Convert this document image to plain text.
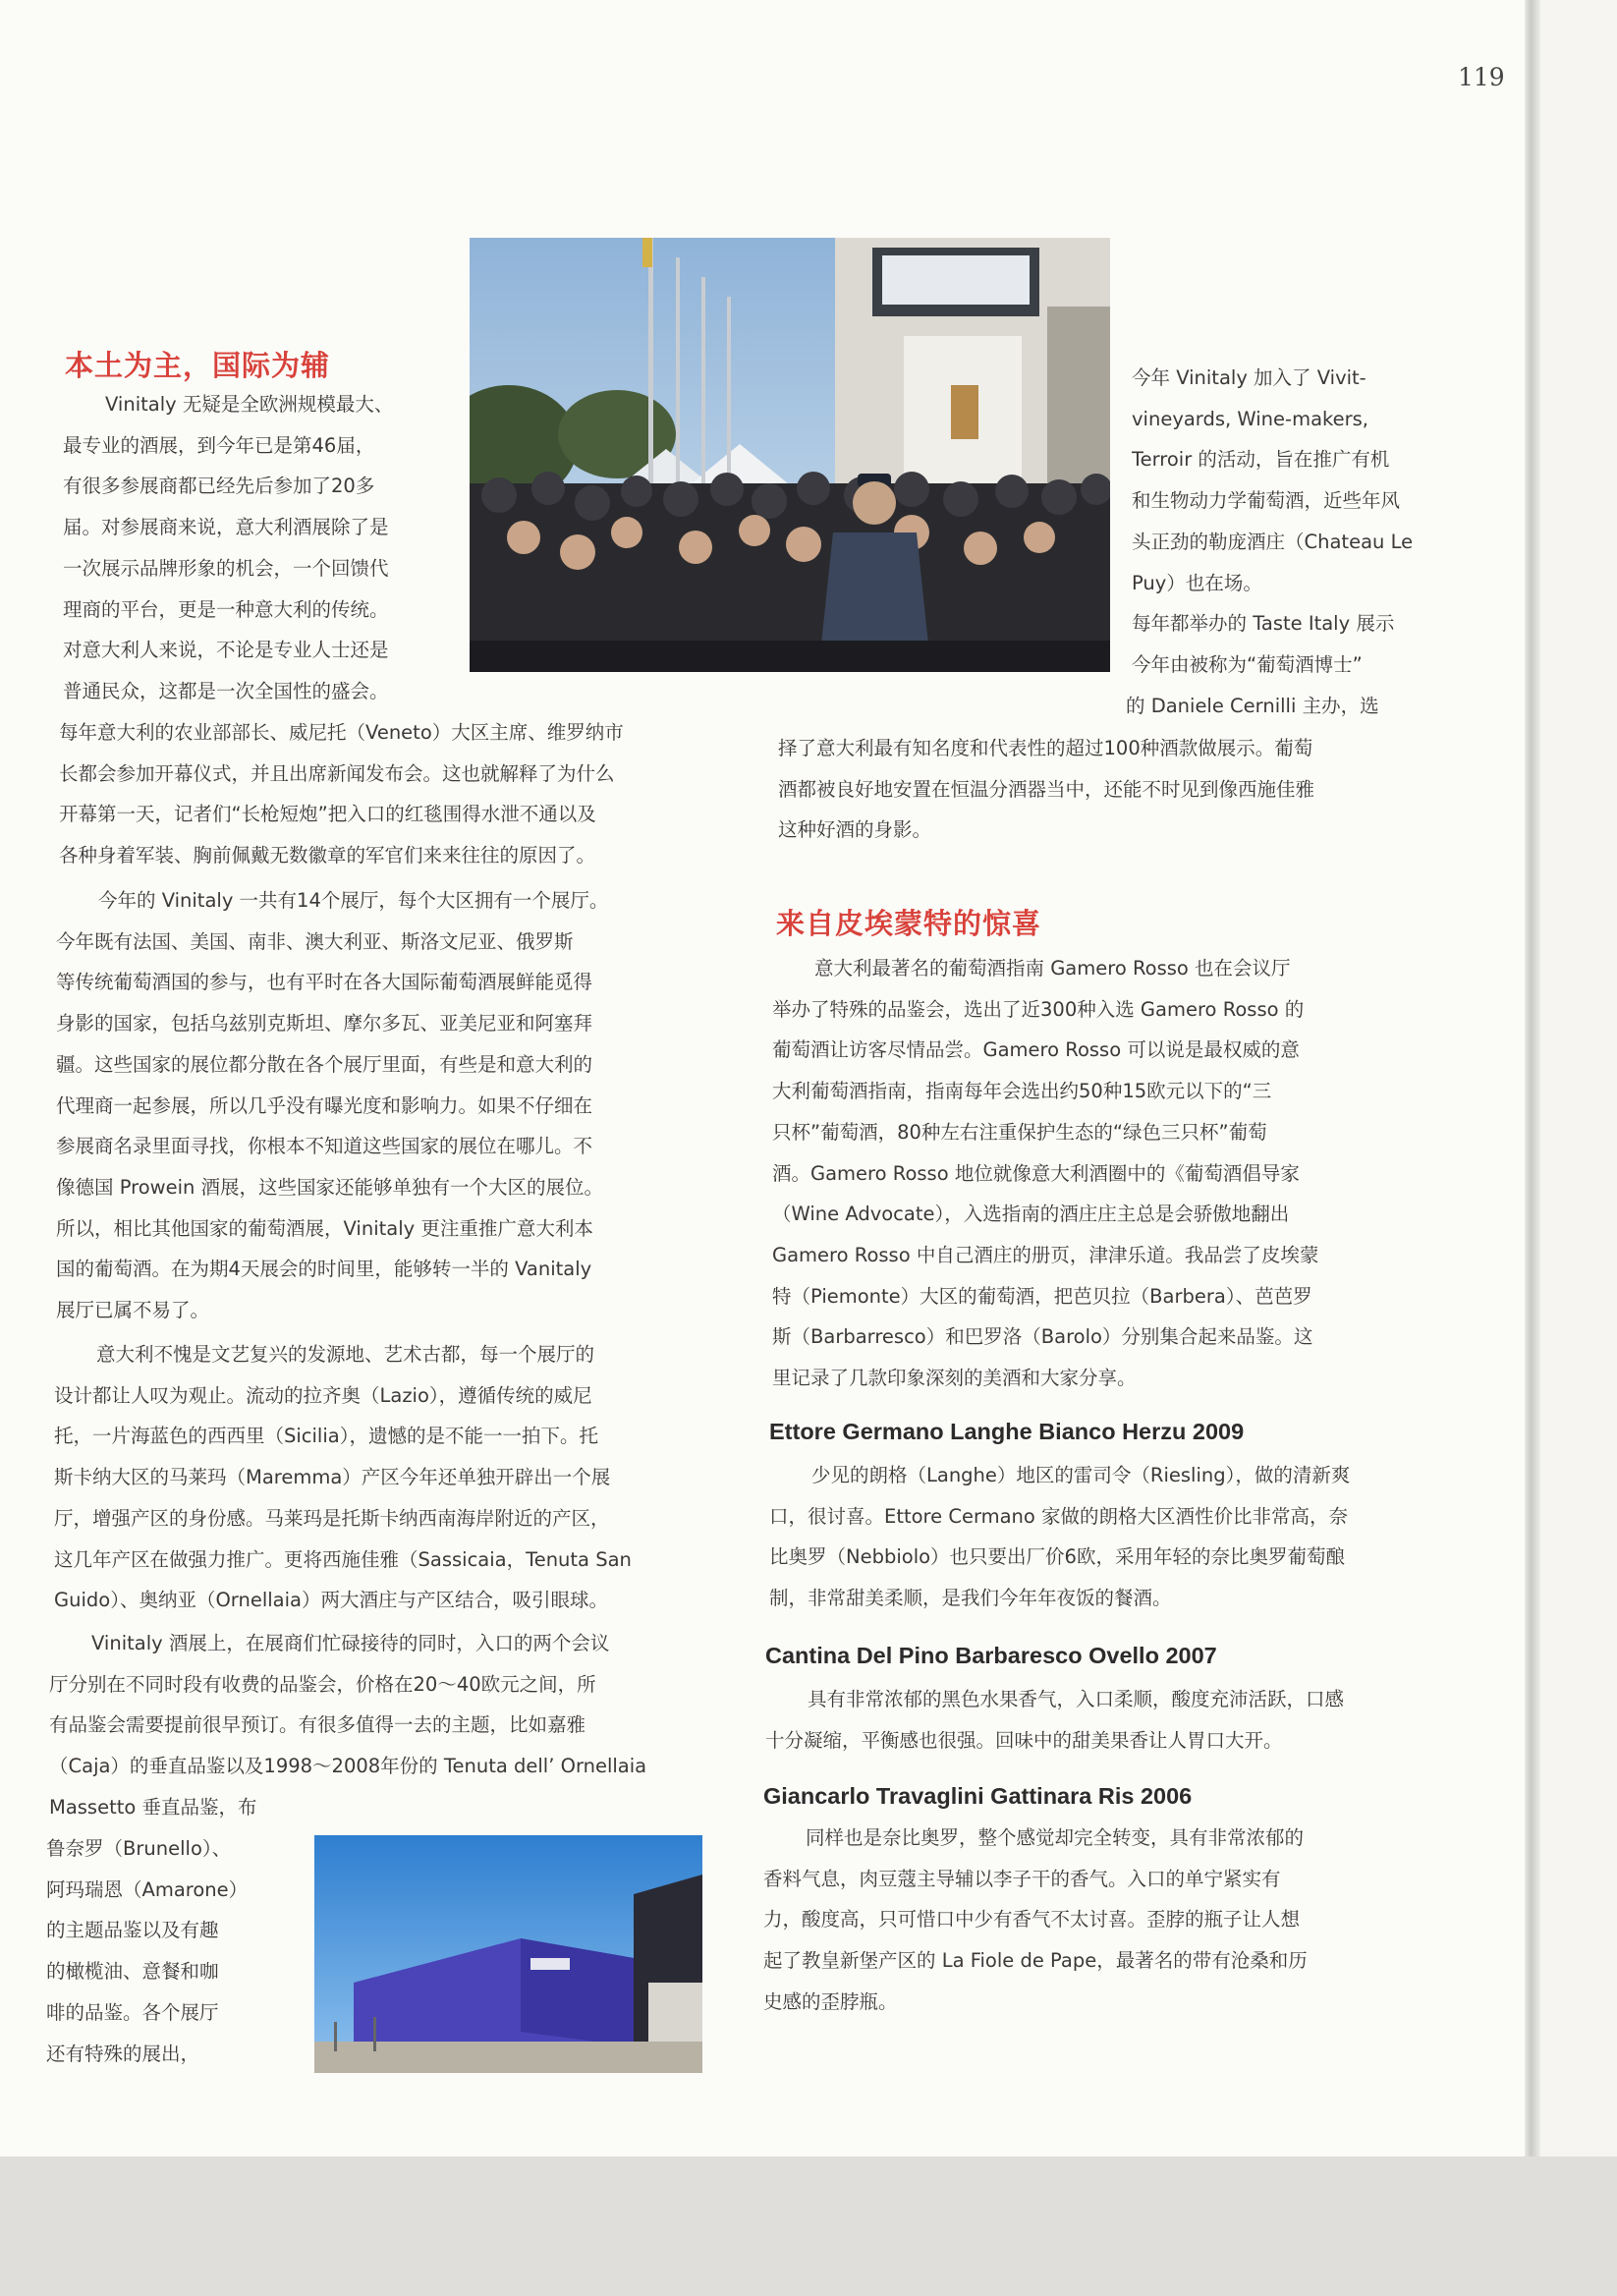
119
本土为主，国际为辅
Vinitaly 无疑是全欧洲规模最大、
最专业的酒展，到今年已是第46届，
有很多参展商都已经先后参加了20多
届。对参展商来说，意大利酒展除了是
一次展示品牌形象的机会，一个回馈代
理商的平台，更是一种意大利的传统。
对意大利人来说，不论是专业人士还是
普通民众，这都是一次全国性的盛会。
每年意大利的农业部部长、威尼托（Veneto）大区主席、维罗纳市
长都会参加开幕仪式，并且出席新闻发布会。这也就解释了为什么
开幕第一天，记者们“长枪短炮”把入口的红毯围得水泄不通以及
各种身着军装、胸前佩戴无数徽章的军官们来来往往的原因了。
今年的 Vinitaly 一共有14个展厅，每个大区拥有一个展厅。
今年既有法国、美国、南非、澳大利亚、斯洛文尼亚、俄罗斯
等传统葡萄酒国的参与，也有平时在各大国际葡萄酒展鲜能觅得
身影的国家，包括乌兹别克斯坦、摩尔多瓦、亚美尼亚和阿塞拜
疆。这些国家的展位都分散在各个展厅里面，有些是和意大利的
代理商一起参展，所以几乎没有曝光度和影响力。如果不仔细在
参展商名录里面寻找，你根本不知道这些国家的展位在哪儿。不
像德国 Prowein 酒展，这些国家还能够单独有一个大区的展位。
所以，相比其他国家的葡萄酒展，Vinitaly 更注重推广意大利本
国的葡萄酒。在为期4天展会的时间里，能够转一半的 Vanitaly
展厅已属不易了。
意大利不愧是文艺复兴的发源地、艺术古都，每一个展厅的
设计都让人叹为观止。流动的拉齐奥（Lazio），遵循传统的威尼
托，一片海蓝色的西西里（Sicilia），遗憾的是不能一一拍下。托
斯卡纳大区的马莱玛（Maremma）产区今年还单独开辟出一个展
厅，增强产区的身份感。马莱玛是托斯卡纳西南海岸附近的产区，
这几年产区在做强力推广。更将西施佳雅（Sassicaia，Tenuta San
Guido）、奥纳亚（Ornellaia）两大酒庄与产区结合，吸引眼球。
Vinitaly 酒展上，在展商们忙碌接待的同时，入口的两个会议
厅分别在不同时段有收费的品鉴会，价格在20～40欧元之间，所
有品鉴会需要提前很早预订。有很多值得一去的主题，比如嘉雅
（Caja）的垂直品鉴以及1998～2008年份的 Tenuta dell’ Ornellaia
Massetto 垂直品鉴，布
鲁奈罗（Brunello）、
阿玛瑞恩（Amarone）
的主题品鉴以及有趣
的橄榄油、意餐和咖
啡的品鉴。各个展厅
还有特殊的展出，
今年 Vinitaly 加入了 Vivit-
vineyards, Wine-makers,
Terroir 的活动，旨在推广有机
和生物动力学葡萄酒，近些年风
头正劲的勒庞酒庄（Chateau Le
Puy）也在场。
每年都举办的 Taste Italy 展示
今年由被称为“葡萄酒博士”
的 Daniele Cernilli 主办，选
择了意大利最有知名度和代表性的超过100种酒款做展示。葡萄
酒都被良好地安置在恒温分酒器当中，还能不时见到像西施佳雅
这种好酒的身影。
来自皮埃蒙特的惊喜
意大利最著名的葡萄酒指南 Gamero Rosso 也在会议厅
举办了特殊的品鉴会，选出了近300种入选 Gamero Rosso 的
葡萄酒让访客尽情品尝。Gamero Rosso 可以说是最权威的意
大利葡萄酒指南，指南每年会选出约50种15欧元以下的“三
只杯”葡萄酒，80种左右注重保护生态的“绿色三只杯”葡萄
酒。Gamero Rosso 地位就像意大利酒圈中的《葡萄酒倡导家
（Wine Advocate），入选指南的酒庄庄主总是会骄傲地翻出
Gamero Rosso 中自己酒庄的册页，津津乐道。我品尝了皮埃蒙
特（Piemonte）大区的葡萄酒，把芭贝拉（Barbera）、芭芭罗
斯（Barbarresco）和巴罗洛（Barolo）分别集合起来品鉴。这
里记录了几款印象深刻的美酒和大家分享。
Ettore Germano Langhe Bianco Herzu 2009
少见的朗格（Langhe）地区的雷司令（Riesling），做的清新爽
口，很讨喜。Ettore Cermano 家做的朗格大区酒性价比非常高，奈
比奥罗（Nebbiolo）也只要出厂价6欧，采用年轻的奈比奥罗葡萄酿
制，非常甜美柔顺，是我们今年年夜饭的餐酒。
Cantina Del Pino Barbaresco Ovello 2007
具有非常浓郁的黑色水果香气，入口柔顺，酸度充沛活跃，口感
十分凝缩，平衡感也很强。回味中的甜美果香让人胃口大开。
Giancarlo Travaglini Gattinara Ris 2006
同样也是奈比奥罗，整个感觉却完全转变，具有非常浓郁的
香料气息，肉豆蔻主导辅以李子干的香气。入口的单宁紧实有
力，酸度高，只可惜口中少有香气不太讨喜。歪脖的瓶子让人想
起了教皇新堡产区的 La Fiole de Pape，最著名的带有沧桑和历
史感的歪脖瓶。
